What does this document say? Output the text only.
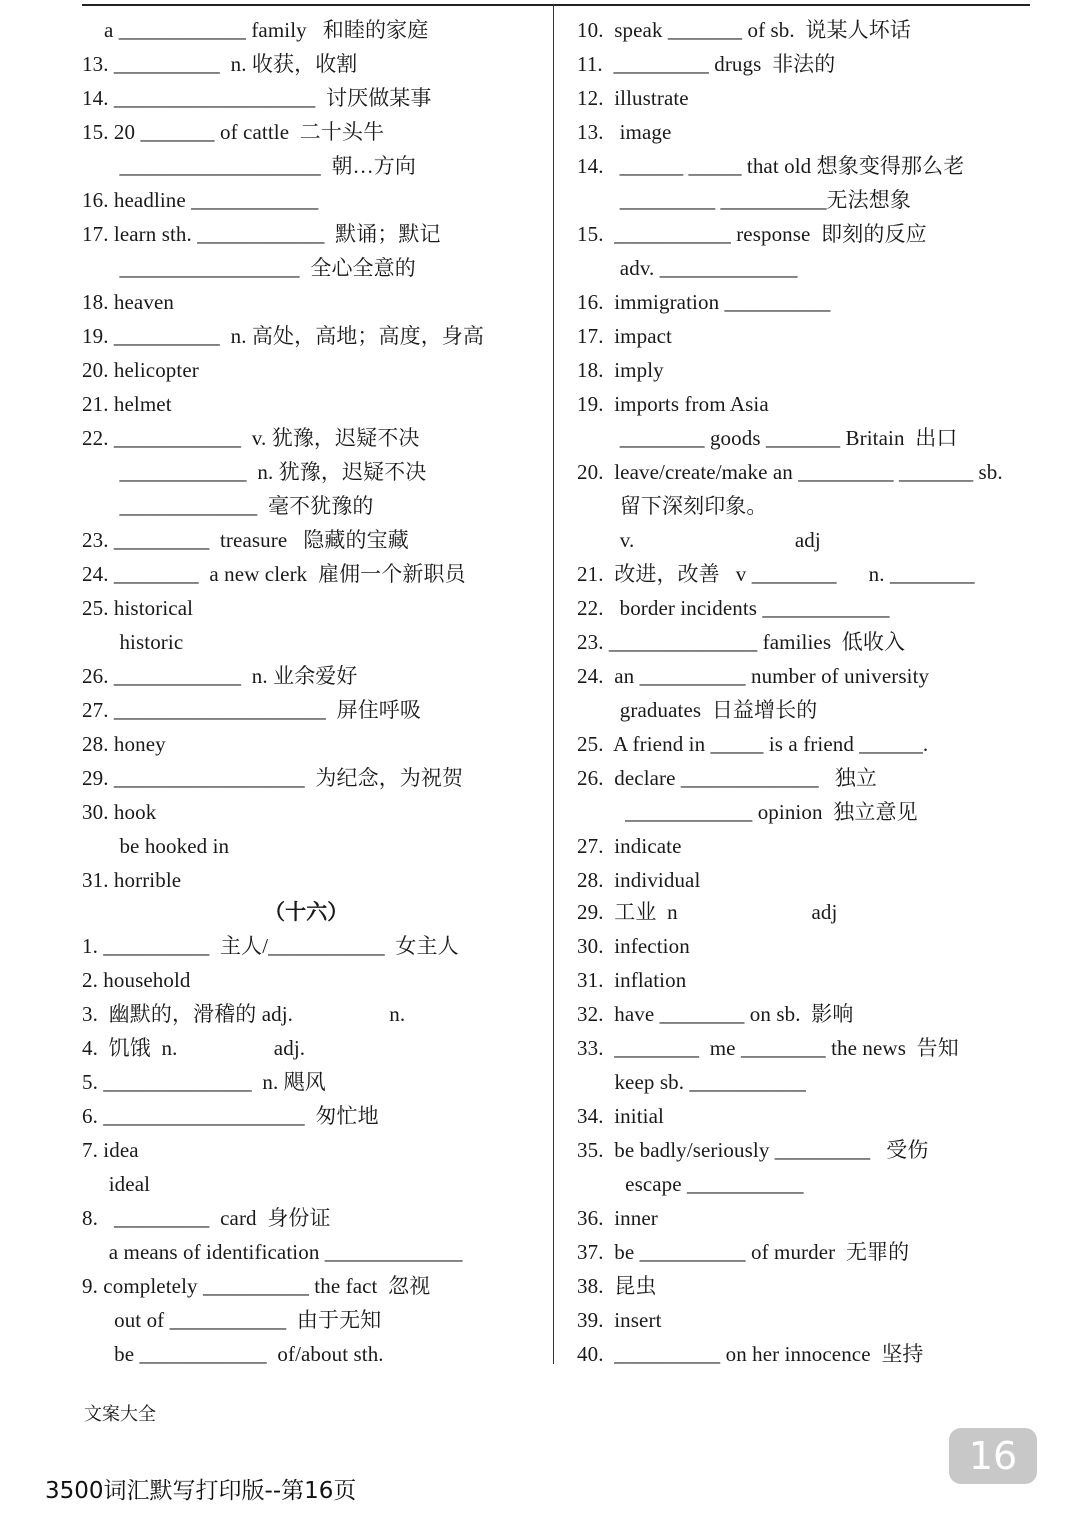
a ____________ family   和睦的家庭
13. __________  n. 收获，收割
14. ___________________  讨厌做某事
15. 20 _______ of cattle  二十头牛
___________________  朝…方向
16. headline ____________
17. learn sth. ____________  默诵；默记
_________________  全心全意的
18. heaven
19. __________  n. 高处，高地；高度，身高
20. helicopter
21. helmet
22. ____________  v. 犹豫，迟疑不决
____________  n. 犹豫，迟疑不决
_____________  毫不犹豫的
23. _________  treasure   隐藏的宝藏
24. ________  a new clerk  雇佣一个新职员
25. historical
historic
26. ____________  n. 业余爱好
27. ____________________  屏住呼吸
28. honey
29. __________________  为纪念，为祝贺
30. hook
be hooked in
31. horrible
（十六）
1. __________  主人/___________  女主人
2. household
3.  幽默的，滑稽的 adj.                  n.
4.  饥饿  n.                  adj.
5. ______________  n. 飓风
6. ___________________  匆忙地
7. idea
ideal
8.   _________  card  身份证
a means of identification _____________
9. completely __________ the fact  忽视
out of ___________  由于无知
be ____________  of/about sth.
10.  speak _______ of sb.  说某人坏话
11.  _________ drugs  非法的
12.  illustrate
13.   image
14.   ______ _____ that old 想象变得那么老
_________ __________无法想象
15.  ___________ response  即刻的反应
adv. _____________
16.  immigration __________
17.  impact
18.  imply
19.  imports from Asia
________ goods _______ Britain  出口
20.  leave/create/make an _________ _______ sb.
留下深刻印象。
v.                              adj
21.  改进，改善   v ________      n. ________
22.   border incidents ____________
23. ______________ families  低收入
24.  an __________ number of university
graduates  日益增长的
25.  A friend in _____ is a friend ______.
26.  declare _____________   独立
____________ opinion  独立意见
27.  indicate
28.  individual
29.  工业  n                         adj
30.  infection
31.  inflation
32.  have ________ on sb.  影响
33.  ________  me ________ the news  告知
keep sb. ___________
34.  initial
35.  be badly/seriously _________   受伤
escape ___________
36.  inner
37.  be __________ of murder  无罪的
38.  昆虫
39.  insert
40.  __________ on her innocence  坚持
文案大全
16
3500词汇默写打印版--第16页
